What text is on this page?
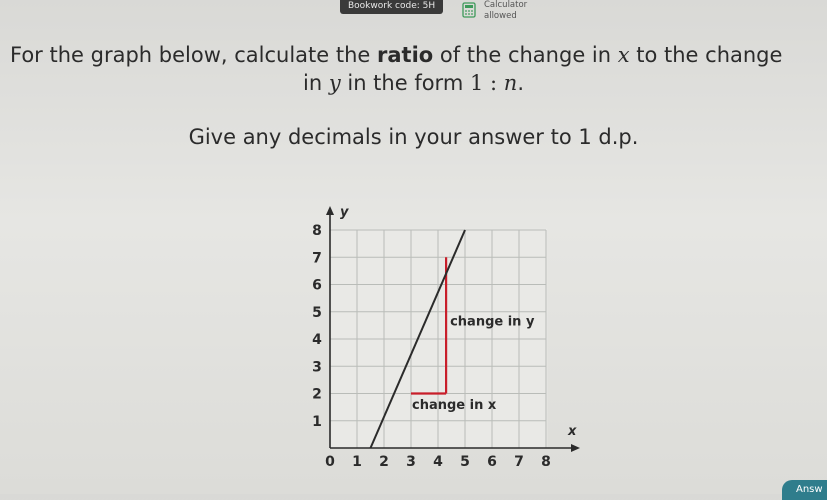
Bookwork code: 5H	Calculator
allowed
For the graph below, calculate the ratio of the change in x to the change
in y in the form 1 : n.
Give any decimals in your answer to 1 d.p.
0 1 2 3 4 5 6 7 8
1
2
3
4
5
6
7
8
y
x
change in y
change in x
Answ
